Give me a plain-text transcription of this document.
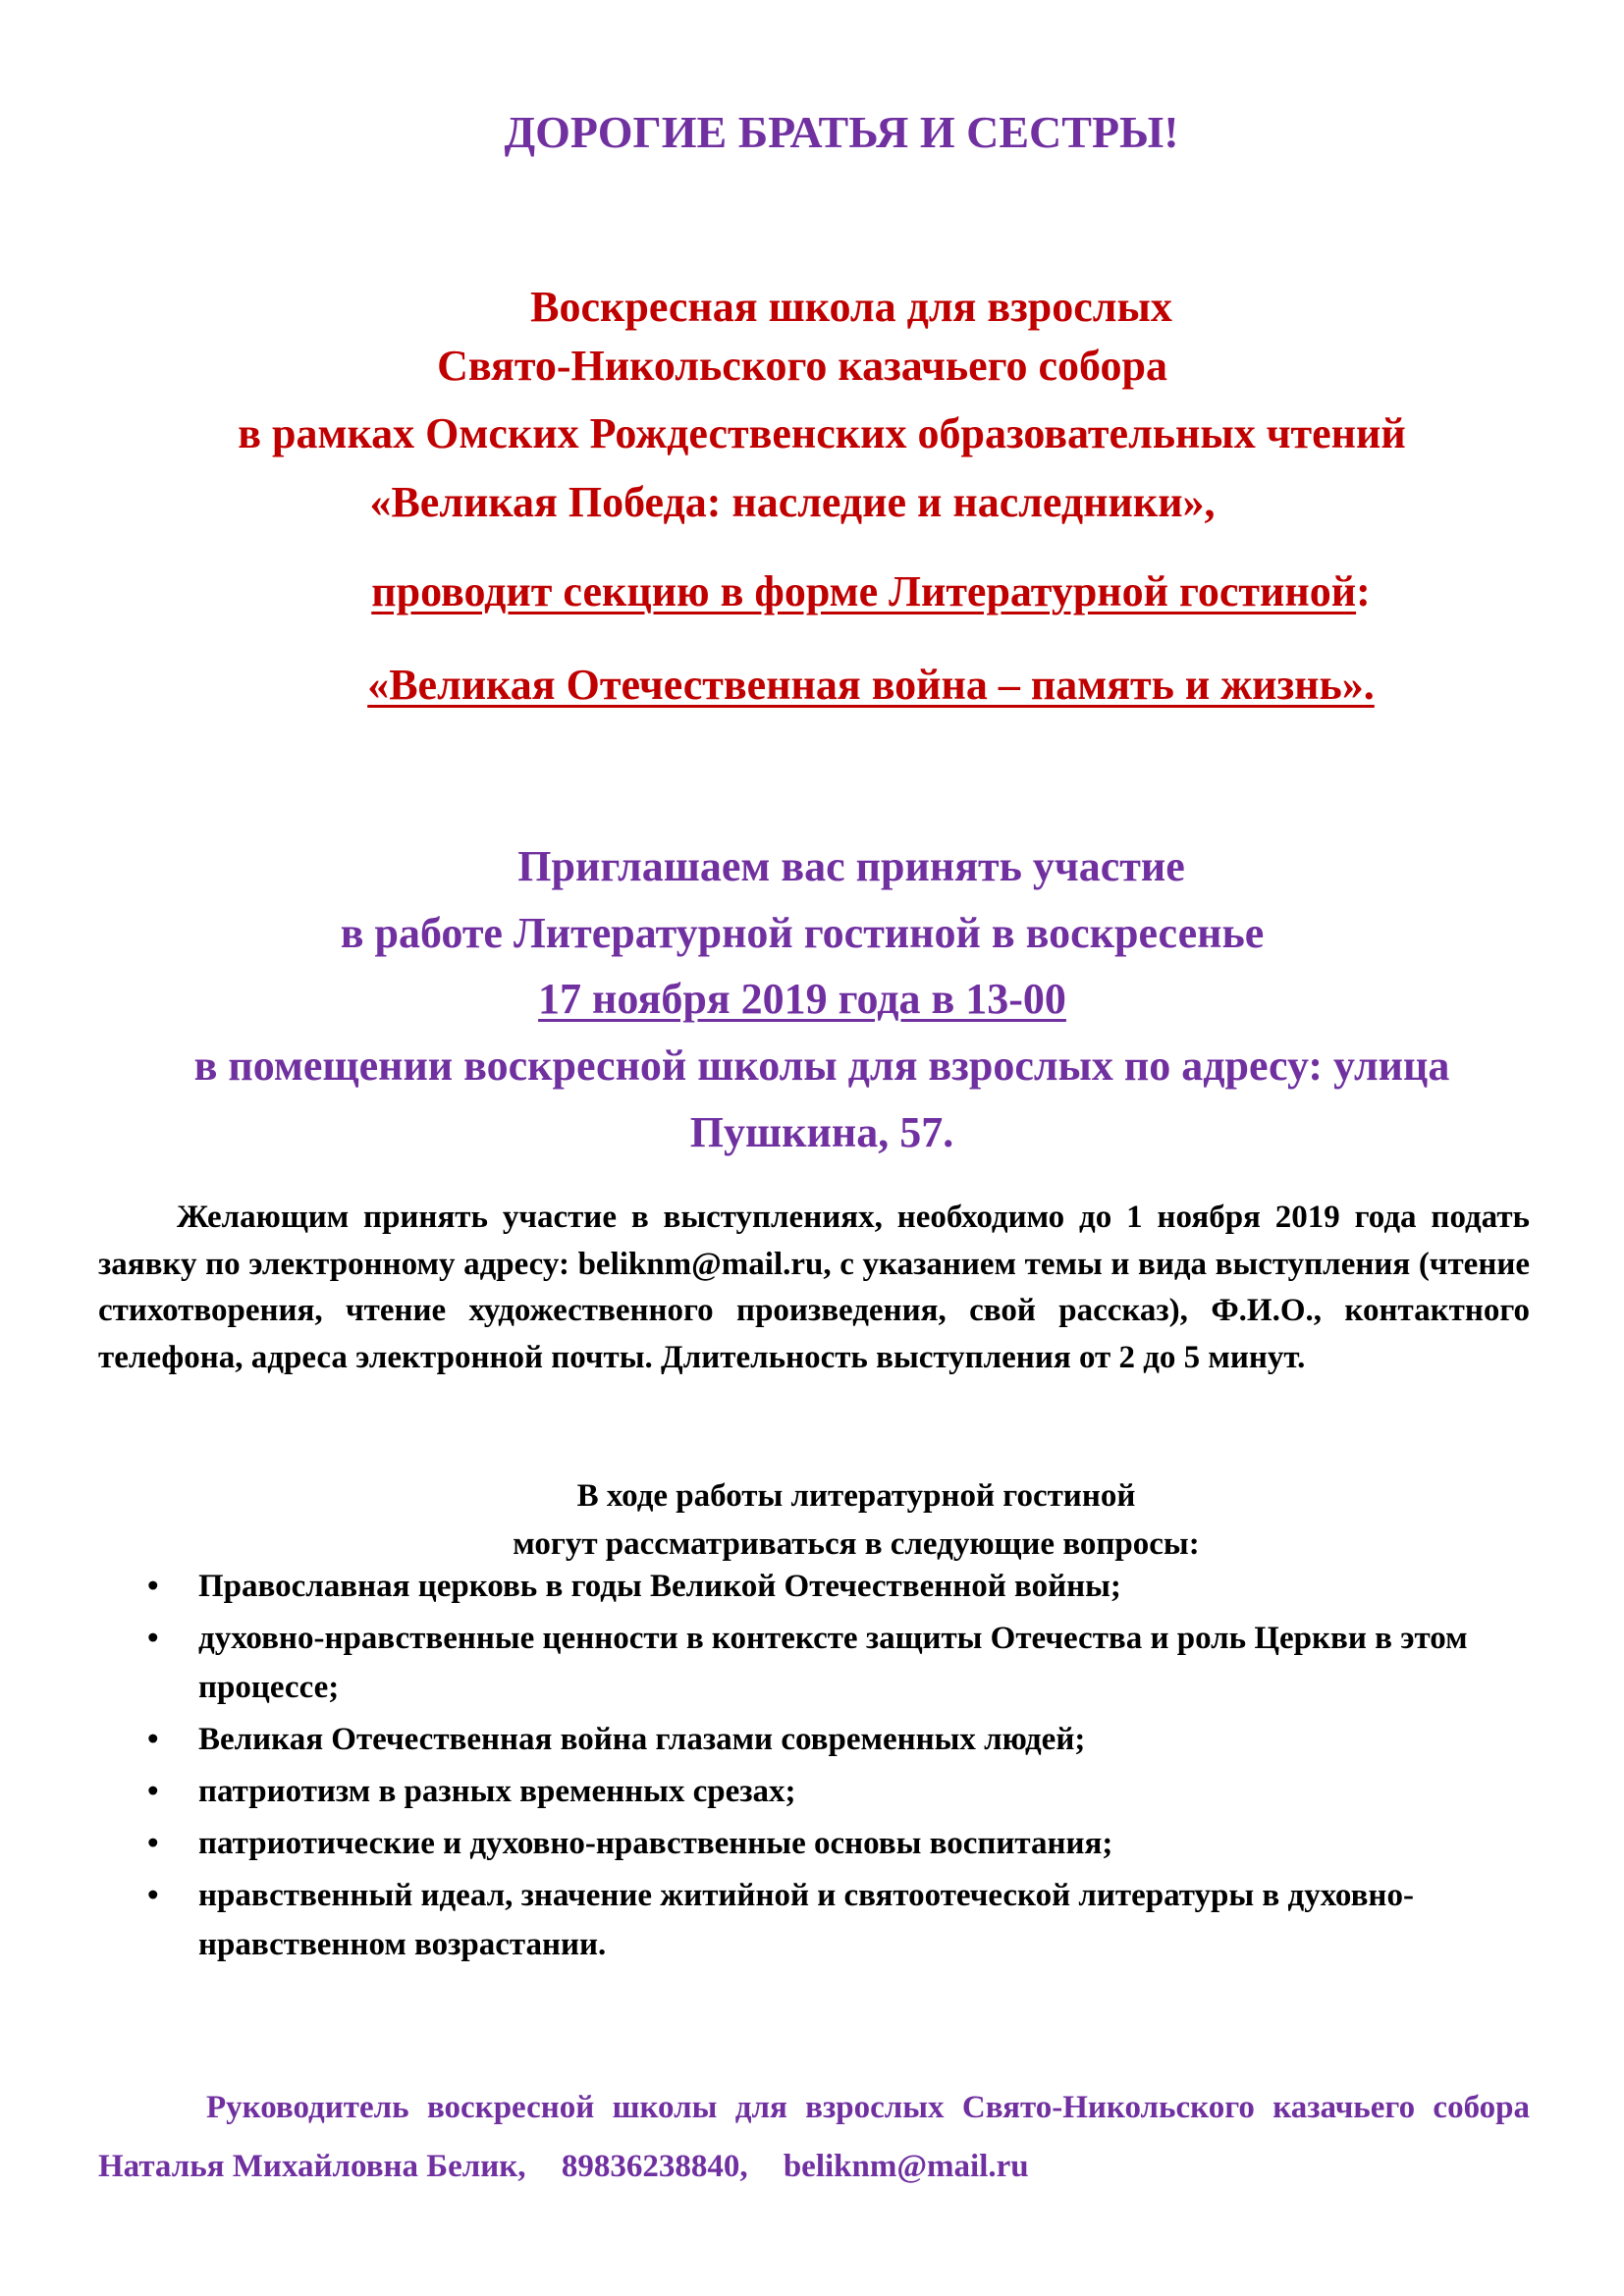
ДОРОГИЕ БРАТЬЯ И СЕСТРЫ!
Воскресная школа для взрослых
Свято-Никольского казачьего собора
в рамках Омских Рождественских образовательных чтений
«Великая Победа: наследие и наследники»,
проводит секцию в форме Литературной гостиной:
«Великая Отечественная война – память и жизнь».
Приглашаем вас принять участие
в работе Литературной гостиной в воскресенье
17 ноября 2019 года в 13-00
в помещении воскресной школы для взрослых по адресу: улица
Пушкина, 57.
Желающим принять участие в выступлениях, необходимо до 1 ноября 2019 года подать заявку по электронному адресу: beliknm@mail.ru, с указанием темы и вида выступления (чтение стихотворения, чтение художественного произведения, свой рассказ), Ф.И.О., контактного телефона, адреса электронной почты. Длительность выступления от 2 до 5 минут.
В ходе работы литературной гостиной
могут рассматриваться в следующие вопросы:
• Православная церковь в годы Великой Отечественной войны;
• духовно-нравственные ценности в контексте защиты Отечества и роль Церкви в этом процессе;
• Великая Отечественная война глазами современных людей;
• патриотизм в разных временных срезах;
• патриотические и духовно-нравственные основы воспитания;
• нравственный идеал, значение житийной и святоотеческой литературы в духовно-нравственном возрастании.
Руководитель воскресной школы для взрослых Свято-Никольского казачьего собора Наталья Михайловна Белик, 89836238840, beliknm@mail.ru
